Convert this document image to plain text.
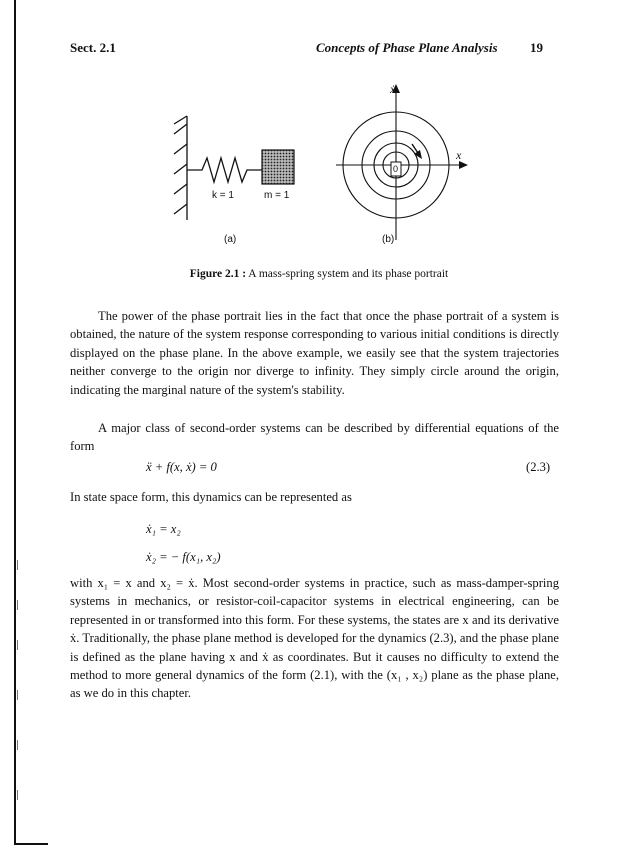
Sect. 2.1	Concepts of Phase Plane Analysis 19
k = 1	m = 1
(a)	(b)
ẋ
x
0
Figure 2.1 : A mass-spring system and its phase portrait

The power of the phase portrait lies in the fact that once the phase portrait of a system is obtained, the nature of the system response corresponding to various initial conditions is directly displayed on the phase plane. In the above example, we easily see that the system trajectories neither converge to the origin nor diverge to infinity. They simply circle around the origin, indicating the marginal nature of the system's stability.

A major class of second-order systems can be described by differential equations of the form

ẍ + f(x, ẋ) = 0	(2.3)

In state space form, this dynamics can be represented as

ẋ₁ = x₂
ẋ₂ = − f(x₁, x₂)

with x₁ = x and x₂ = ẋ. Most second-order systems in practice, such as mass-damper-spring systems in mechanics, or resistor-coil-capacitor systems in electrical engineering, can be represented in or transformed into this form. For these systems, the states are x and its derivative ẋ. Traditionally, the phase plane method is developed for the dynamics (2.3), and the phase plane is defined as the plane having x and ẋ as coordinates. But it causes no difficulty to extend the method to more general dynamics of the form (2.1), with the (x₁ , x₂) plane as the phase plane, as we do in this chapter.
